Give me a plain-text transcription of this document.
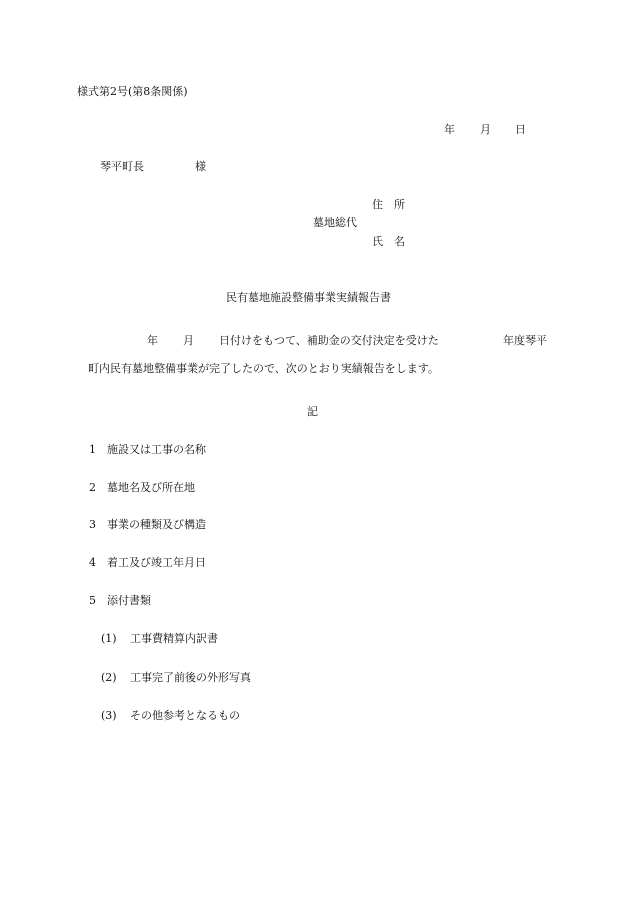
様式第2号(第8条関係)
年 月 日
琴平町長	様
住　所
墓地総代
氏　名
民有墓地施設整備事業実績報告書
年 月 日付けをもつて、補助金の交付決定を受けた	年度琴平
町内民有墓地整備事業が完了したので、次のとおり実績報告をします。
記
1 施設又は工事の名称
2 墓地名及び所在地
3 事業の種類及び構造
4 着工及び竣工年月日
5 添付書類
(1) 工事費精算内訳書
(2) 工事完了前後の外形写真
(3) その他参考となるもの
